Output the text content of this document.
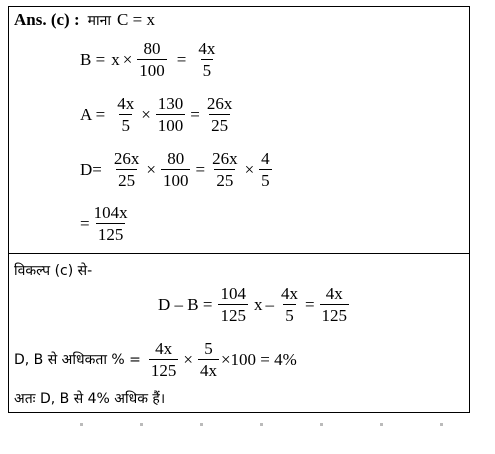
Ans. (c) : माना C = x
$B = x \times \frac{80}{100} = \frac{4x}{5}$
$A = \frac{4x}{5} \times \frac{130}{100} = \frac{26x}{25}$
$D= \frac{26x}{25} \times \frac{80}{100} = \frac{26x}{25} \times \frac{4}{5}$
= $\frac{104x}{125}$
विकल्प (c) से-
$D - B = \frac{104}{125}$ $x - \frac{4x}{5} = \frac{4x}{125}$
D, B से अधिकता % = $\frac{4x}{125} \times \frac{5}{4x} \times 100 = 4\%$
अतः D, B से 4% अधिक हैं।
